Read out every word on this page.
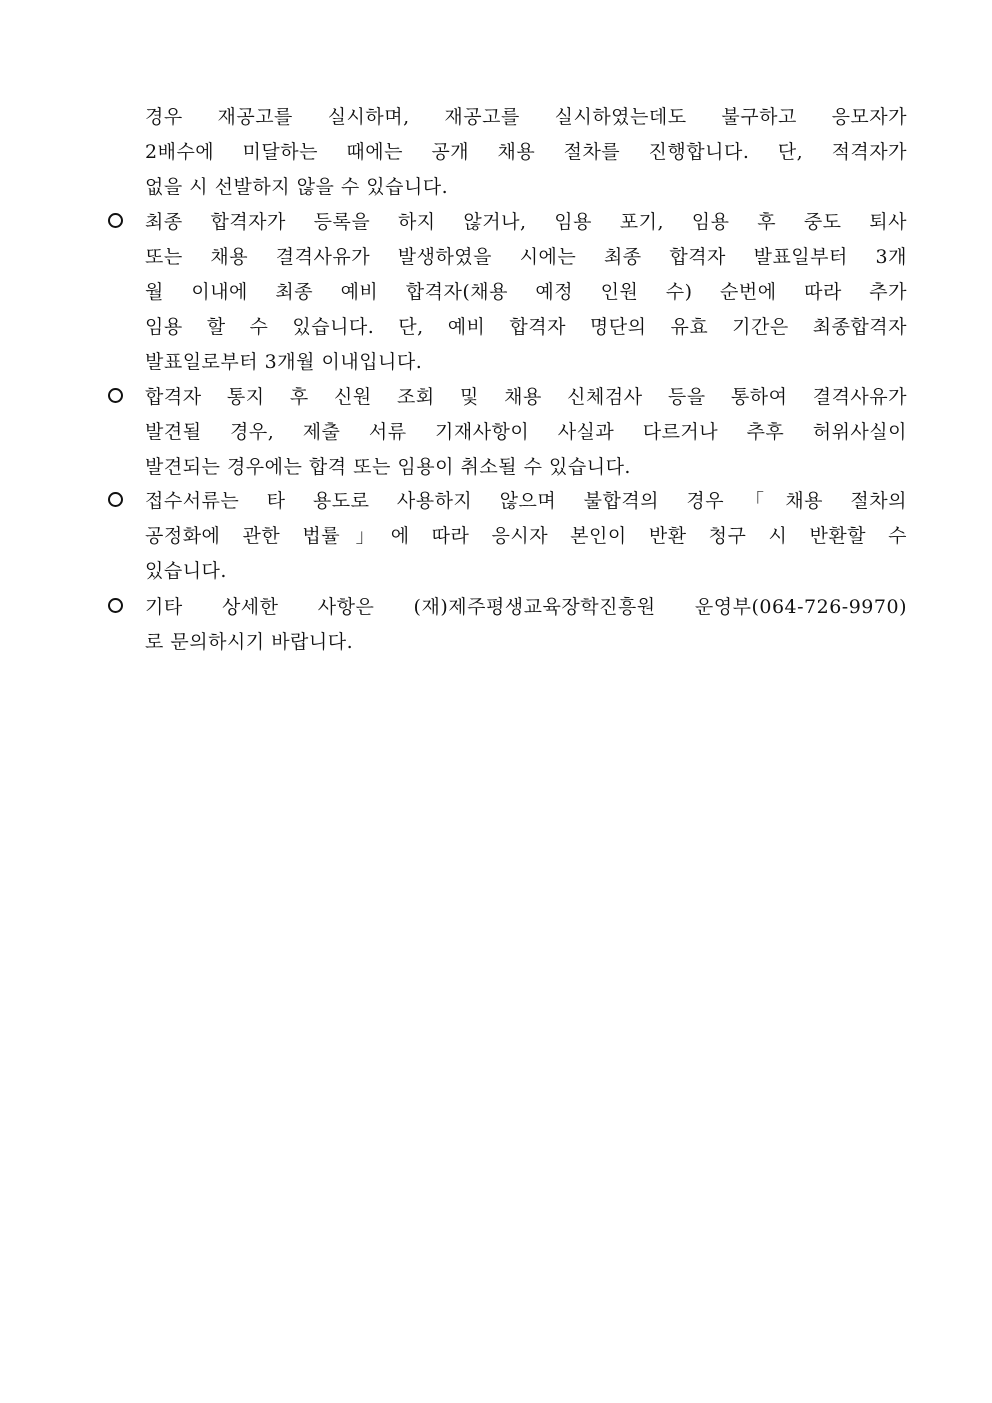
경우 재공고를 실시하며, 재공고를 실시하였는데도 불구하고 응모자가
2배수에 미달하는 때에는 공개 채용 절차를 진행합니다. 단, 적격자가
없을 시 선발하지 않을 수 있습니다.
최종 합격자가 등록을 하지 않거나, 임용 포기, 임용 후 중도 퇴사
또는 채용 결격사유가 발생하였을 시에는 최종 합격자 발표일부터 3개
월 이내에 최종 예비 합격자(채용 예정 인원 수) 순번에 따라 추가
임용 할 수 있습니다. 단, 예비 합격자 명단의 유효 기간은 최종합격자
발표일로부터 3개월 이내입니다.
합격자 통지 후 신원 조회 및 채용 신체검사 등을 통하여 결격사유가
발견될 경우, 제출 서류 기재사항이 사실과 다르거나 추후 허위사실이
발견되는 경우에는 합격 또는 임용이 취소될 수 있습니다.
접수서류는 타 용도로 사용하지 않으며 불합격의 경우「채용 절차의
공정화에 관한 법률」에 따라 응시자 본인이 반환 청구 시 반환할 수
있습니다.
기타 상세한 사항은 (재)제주평생교육장학진흥원 운영부(064-726-9970)
로 문의하시기 바랍니다.
